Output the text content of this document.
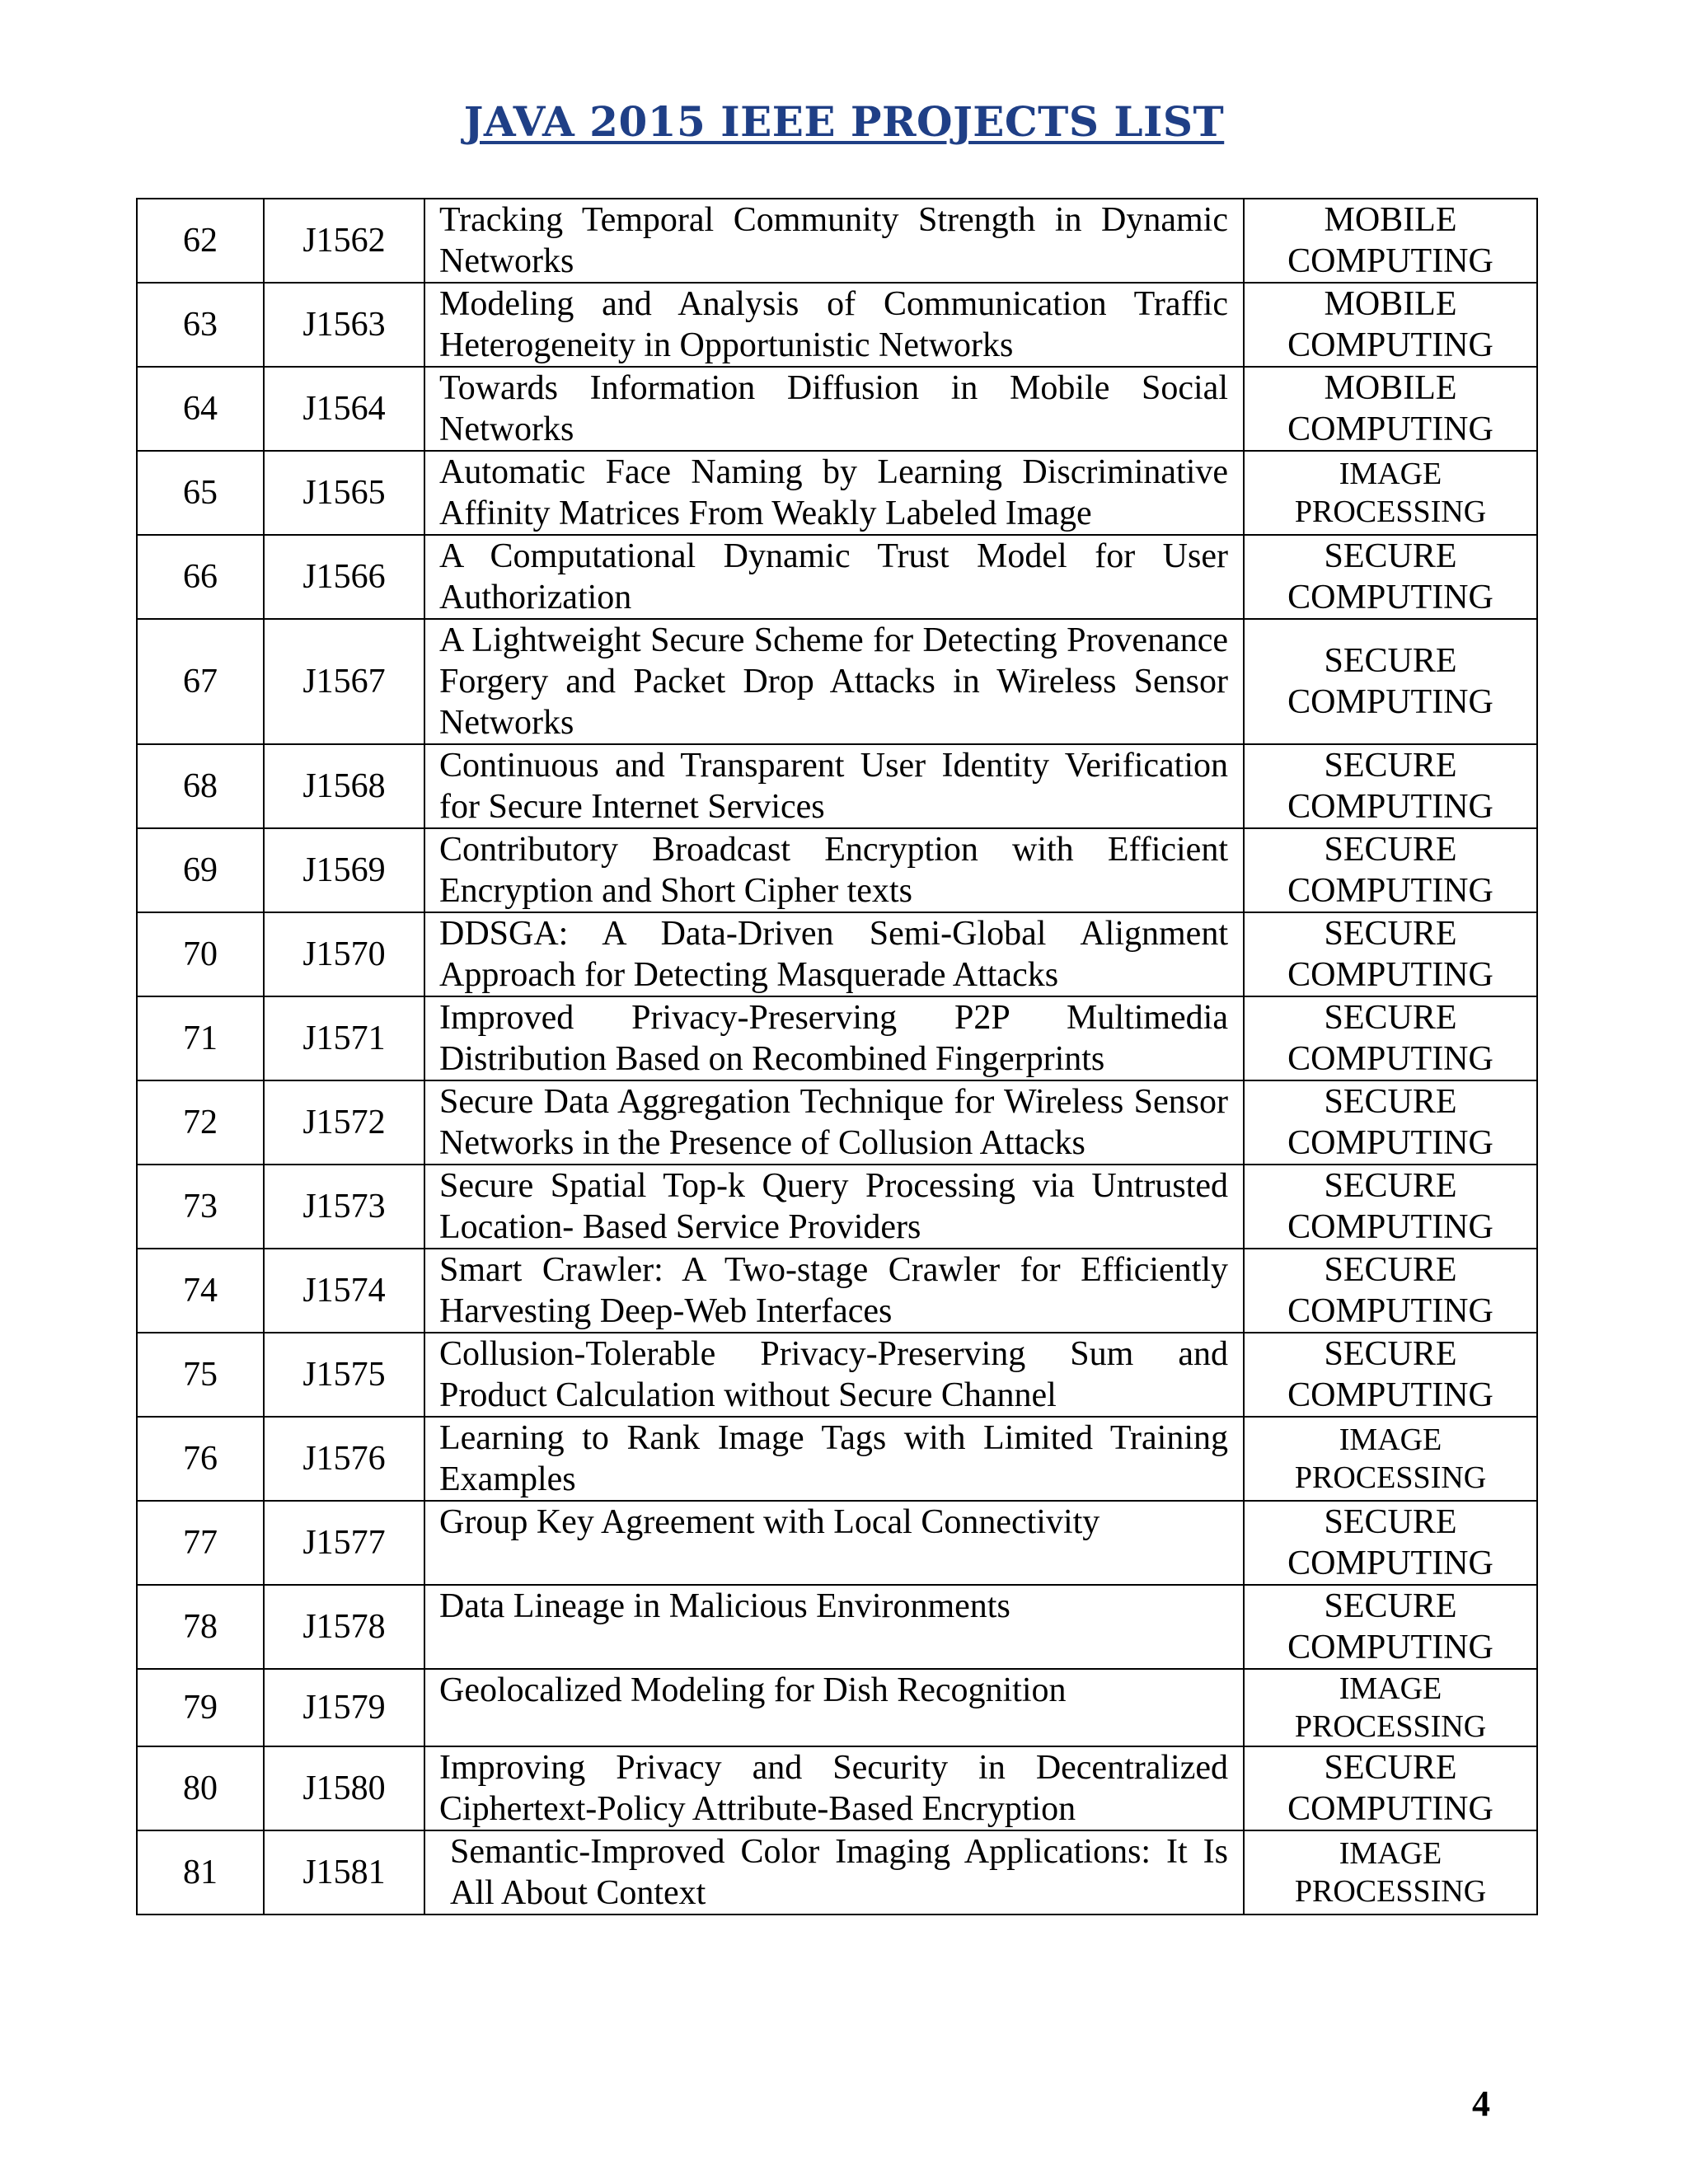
JAVA 2015 IEEE PROJECTS LIST
62	J1562	Tracking Temporal Community Strength in Dynamic Networks	MOBILE
COMPUTING
63	J1563	Modeling and Analysis of Communication Traffic Heterogeneity in Opportunistic Networks	MOBILE
COMPUTING
64	J1564	Towards Information Diffusion in Mobile Social Networks	MOBILE
COMPUTING
65	J1565	Automatic Face Naming by Learning Discriminative Affinity Matrices From Weakly Labeled Image	IMAGE
PROCESSING
66	J1566	A Computational Dynamic Trust Model for User Authorization	SECURE
COMPUTING
67	J1567	A Lightweight Secure Scheme for Detecting Provenance Forgery and Packet Drop Attacks in Wireless Sensor Networks	SECURE
COMPUTING
68	J1568	Continuous and Transparent User Identity Verification for Secure Internet Services	SECURE
COMPUTING
69	J1569	Contributory Broadcast Encryption with Efficient Encryption and Short Cipher texts	SECURE
COMPUTING
70	J1570	DDSGA: A Data-Driven Semi-Global Alignment Approach for Detecting Masquerade Attacks	SECURE
COMPUTING
71	J1571	Improved Privacy-Preserving P2P Multimedia Distribution Based on Recombined Fingerprints	SECURE
COMPUTING
72	J1572	Secure Data Aggregation Technique for Wireless Sensor Networks in the Presence of Collusion Attacks	SECURE
COMPUTING
73	J1573	Secure Spatial Top-k Query Processing via Untrusted Location- Based Service Providers	SECURE
COMPUTING
74	J1574	Smart Crawler: A Two-stage Crawler for Efficiently Harvesting Deep-Web Interfaces	SECURE
COMPUTING
75	J1575	Collusion-Tolerable Privacy-Preserving Sum and Product Calculation without Secure Channel	SECURE
COMPUTING
76	J1576	Learning to Rank Image Tags with Limited Training Examples	IMAGE
PROCESSING
77	J1577	Group Key Agreement with Local Connectivity	SECURE
COMPUTING
78	J1578	Data Lineage in Malicious Environments	SECURE
COMPUTING
79	J1579	Geolocalized Modeling for Dish Recognition	IMAGE
PROCESSING
80	J1580	Improving Privacy and Security in Decentralized Ciphertext-Policy Attribute-Based Encryption	SECURE
COMPUTING
81	J1581	Semantic-Improved Color Imaging Applications: It Is All About Context	IMAGE
PROCESSING
4
